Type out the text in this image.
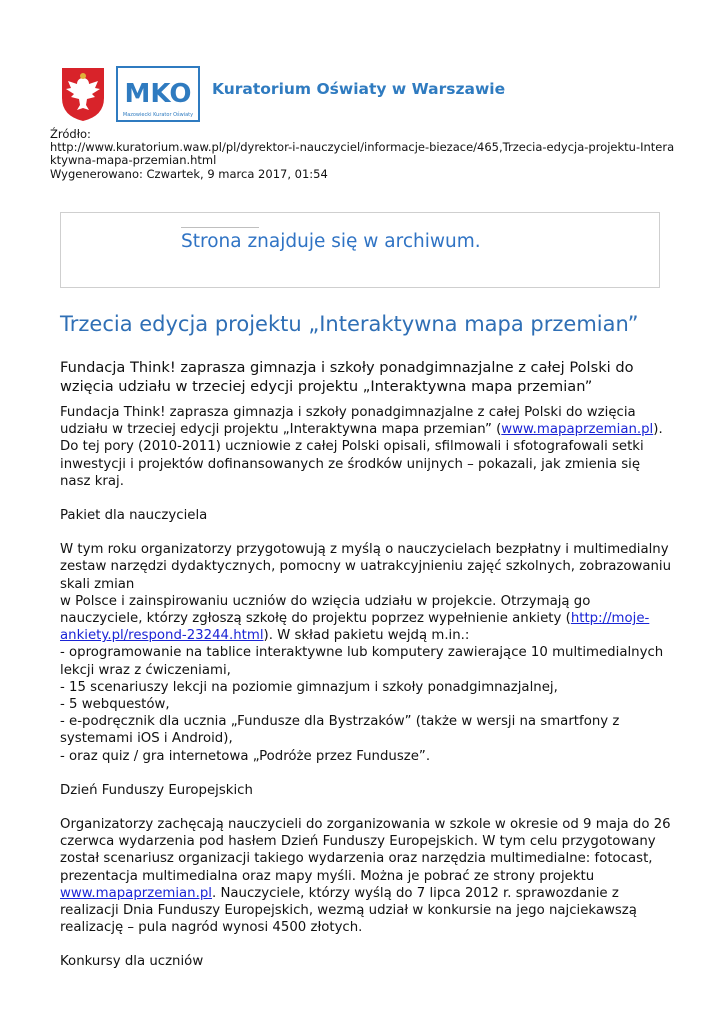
MKO
Mazowiecki Kurator Oświaty
Kuratorium Oświaty w Warszawie
Źródło:
http://www.kuratorium.waw.pl/pl/dyrektor-i-nauczyciel/informacje-biezace/465,Trzecia-edycja-projektu-Interaktywna-mapa-przemian.html
Wygenerowano: Czwartek, 9 marca 2017, 01:54
Strona znajduje się w archiwum.
Trzecia edycja projektu „Interaktywna mapa przemian”

Fundacja Think! zaprasza gimnazja i szkoły ponadgimnazjalne z całej Polski do wzięcia udziału w trzeciej edycji projektu „Interaktywna mapa przemian”

Fundacja Think! zaprasza gimnazja i szkoły ponadgimnazjalne z całej Polski do wzięcia udziału w trzeciej edycji projektu „Interaktywna mapa przemian” (www.mapaprzemian.pl). Do tej pory (2010-2011) uczniowie z całej Polski opisali, sfilmowali i sfotografowali setki inwestycji i projektów dofinansowanych ze środków unijnych – pokazali, jak zmienia się nasz kraj.

Pakiet dla nauczyciela

W tym roku organizatorzy przygotowują z myślą o nauczycielach bezpłatny i multimedialny zestaw narzędzi dydaktycznych, pomocny w uatrakcyjnieniu zajęć szkolnych, zobrazowaniu skali zmian
w Polsce i zainspirowaniu uczniów do wzięcia udziału w projekcie. Otrzymają go nauczyciele, którzy zgłoszą szkołę do projektu poprzez wypełnienie ankiety (http://moje-ankiety.pl/respond-23244.html). W skład pakietu wejdą m.in.:

- oprogramowanie na tablice interaktywne lub komputery zawierające 10 multimedialnych lekcji wraz z ćwiczeniami,

- 15 scenariuszy lekcji na poziomie gimnazjum i szkoły ponadgimnazjalnej,

- 5 webquestów,

- e-podręcznik dla ucznia „Fundusze dla Bystrzaków” (także w wersji na smartfony z systemami iOS i Android),

- oraz quiz / gra internetowa „Podróże przez Fundusze”.

Dzień Funduszy Europejskich

Organizatorzy zachęcają nauczycieli do zorganizowania w szkole w okresie od 9 maja do 26 czerwca wydarzenia pod hasłem Dzień Funduszy Europejskich. W tym celu przygotowany został scenariusz organizacji takiego wydarzenia oraz narzędzia multimedialne: fotocast, prezentacja multimedialna oraz mapy myśli. Można je pobrać ze strony projektu www.mapaprzemian.pl. Nauczyciele, którzy wyślą do 7 lipca 2012 r. sprawozdanie z realizacji Dnia Funduszy Europejskich, wezmą udział w konkursie na jego najciekawszą realizację – pula nagród wynosi 4500 złotych.

Konkursy dla uczniów
